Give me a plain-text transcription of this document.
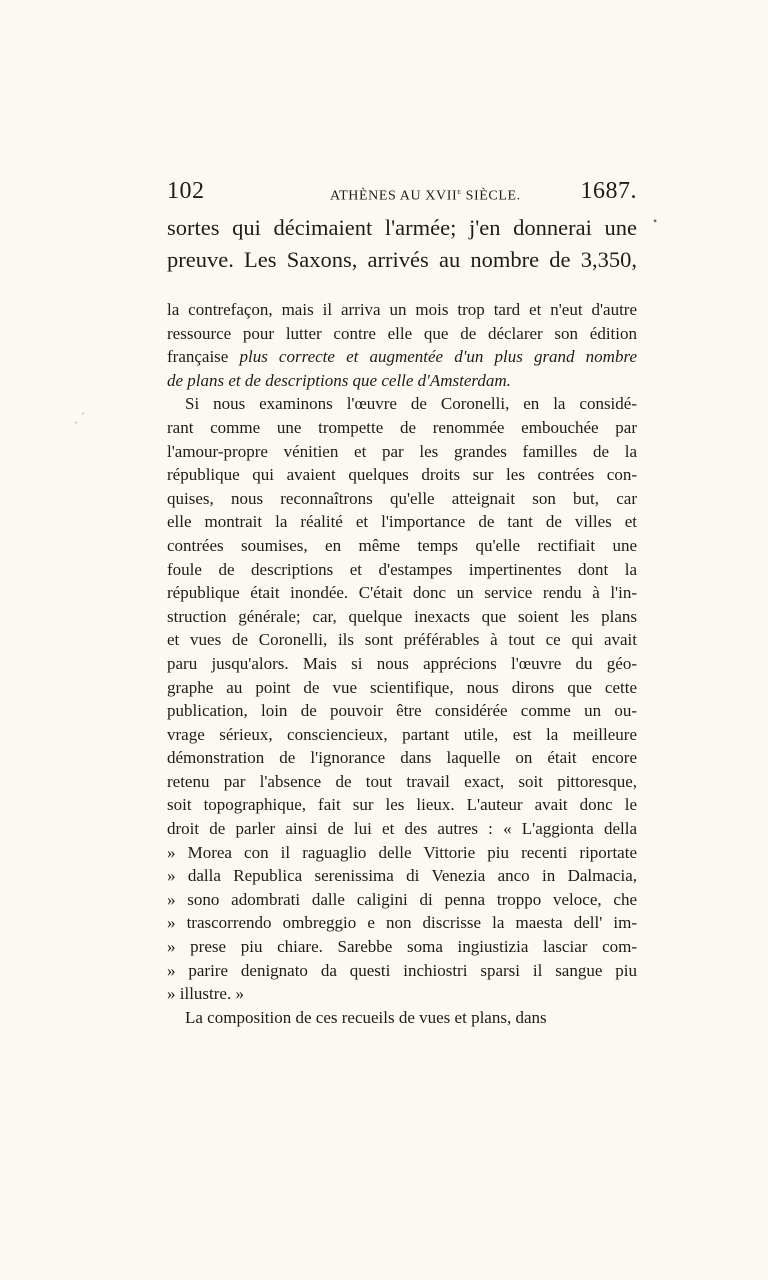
102	ATHÈNES AU XVIIe SIÈCLE. 1687.
sortes qui décimaient l'armée; j'en donnerai une
preuve. Les Saxons, arrivés au nombre de 3,350,
la contrefaçon, mais il arriva un mois trop tard et n'eut d'autre
ressource pour lutter contre elle que de déclarer son édition
française plus correcte et augmentée d'un plus grand nombre
de plans et de descriptions que celle d'Amsterdam.
Si nous examinons l'œuvre de Coronelli, en la considé-
rant comme une trompette de renommée embouchée par
l'amour-propre vénitien et par les grandes familles de la
république qui avaient quelques droits sur les contrées con-
quises, nous reconnaîtrons qu'elle atteignait son but, car
elle montrait la réalité et l'importance de tant de villes et
contrées soumises, en même temps qu'elle rectifiait une
foule de descriptions et d'estampes impertinentes dont la
république était inondée. C'était donc un service rendu à l'in-
struction générale; car, quelque inexacts que soient les plans
et vues de Coronelli, ils sont préférables à tout ce qui avait
paru jusqu'alors. Mais si nous apprécions l'œuvre du géo-
graphe au point de vue scientifique, nous dirons que cette
publication, loin de pouvoir être considérée comme un ou-
vrage sérieux, consciencieux, partant utile, est la meilleure
démonstration de l'ignorance dans laquelle on était encore
retenu par l'absence de tout travail exact, soit pittoresque,
soit topographique, fait sur les lieux. L'auteur avait donc le
droit de parler ainsi de lui et des autres : « L'aggionta della
» Morea con il raguaglio delle Vittorie piu recenti riportate
» dalla Republica serenissima di Venezia anco in Dalmacia,
» sono adombrati dalle caligini di penna troppo veloce, che
» trascorrendo ombreggio e non discrisse la maesta dell' im-
» prese piu chiare. Sarebbe soma ingiustizia lasciar com-
» parire denignato da questi inchiostri sparsi il sangue piu
» illustre. »
La composition de ces recueils de vues et plans, dans
ˌ ˈ
•
